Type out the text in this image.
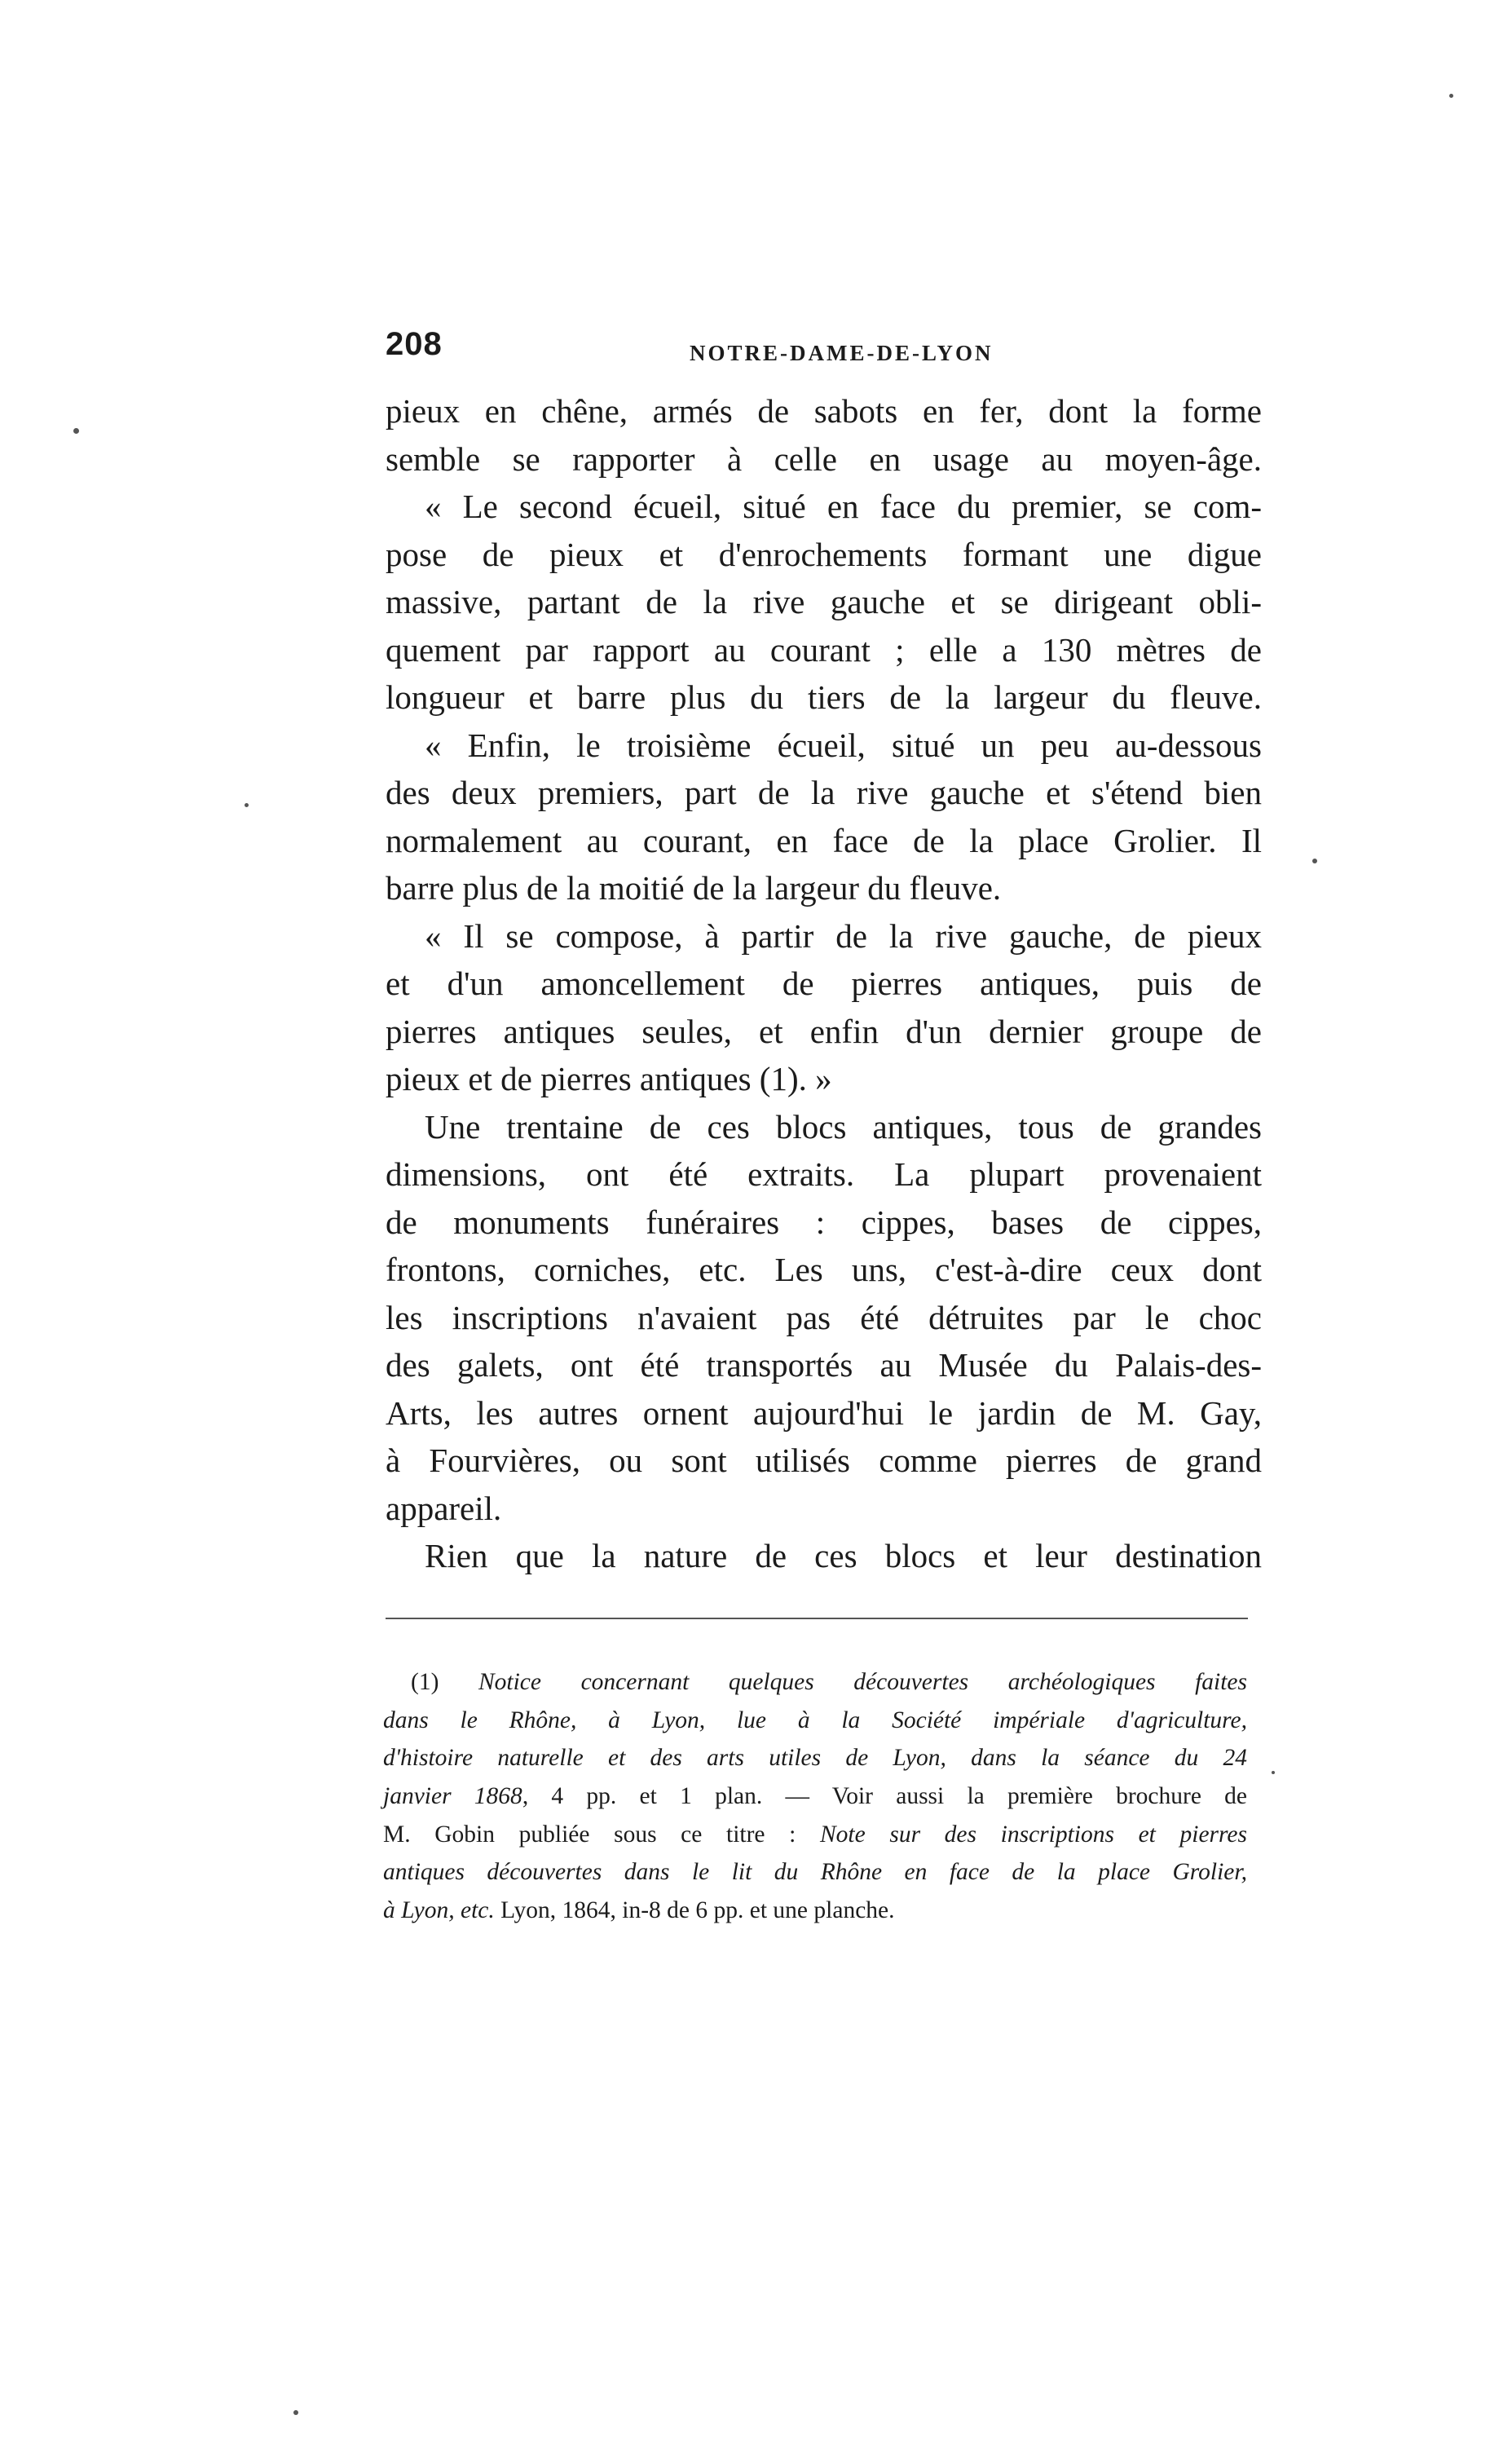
208	NOTRE-DAME-DE-LYON
pieux en chêne, armés de sabots en fer, dont la forme
semble se rapporter à celle en usage au moyen-âge.
« Le second écueil, situé en face du premier, se com-
pose de pieux et d'enrochements formant une digue
massive, partant de la rive gauche et se dirigeant obli-
quement par rapport au courant ; elle a 130 mètres de
longueur et barre plus du tiers de la largeur du fleuve.
« Enfin, le troisième écueil, situé un peu au-dessous
des deux premiers, part de la rive gauche et s'étend bien
normalement au courant, en face de la place Grolier. Il
barre plus de la moitié de la largeur du fleuve.
« Il se compose, à partir de la rive gauche, de pieux
et d'un amoncellement de pierres antiques, puis de
pierres antiques seules, et enfin d'un dernier groupe de
pieux et de pierres antiques (1). »
Une trentaine de ces blocs antiques, tous de grandes
dimensions, ont été extraits. La plupart provenaient
de monuments funéraires : cippes, bases de cippes,
frontons, corniches, etc. Les uns, c'est-à-dire ceux dont
les inscriptions n'avaient pas été détruites par le choc
des galets, ont été transportés au Musée du Palais-des-
Arts, les autres ornent aujourd'hui le jardin de M. Gay,
à Fourvières, ou sont utilisés comme pierres de grand
appareil.
Rien que la nature de ces blocs et leur destination
(1) Notice concernant quelques découvertes archéologiques faites
dans le Rhône, à Lyon, lue à la Société impériale d'agriculture,
d'histoire naturelle et des arts utiles de Lyon, dans la séance du 24
janvier 1868, 4 pp. et 1 plan. — Voir aussi la première brochure de
M. Gobin publiée sous ce titre : Note sur des inscriptions et pierres
antiques découvertes dans le lit du Rhône en face de la place Grolier,
à Lyon, etc. Lyon, 1864, in-8 de 6 pp. et une planche.
